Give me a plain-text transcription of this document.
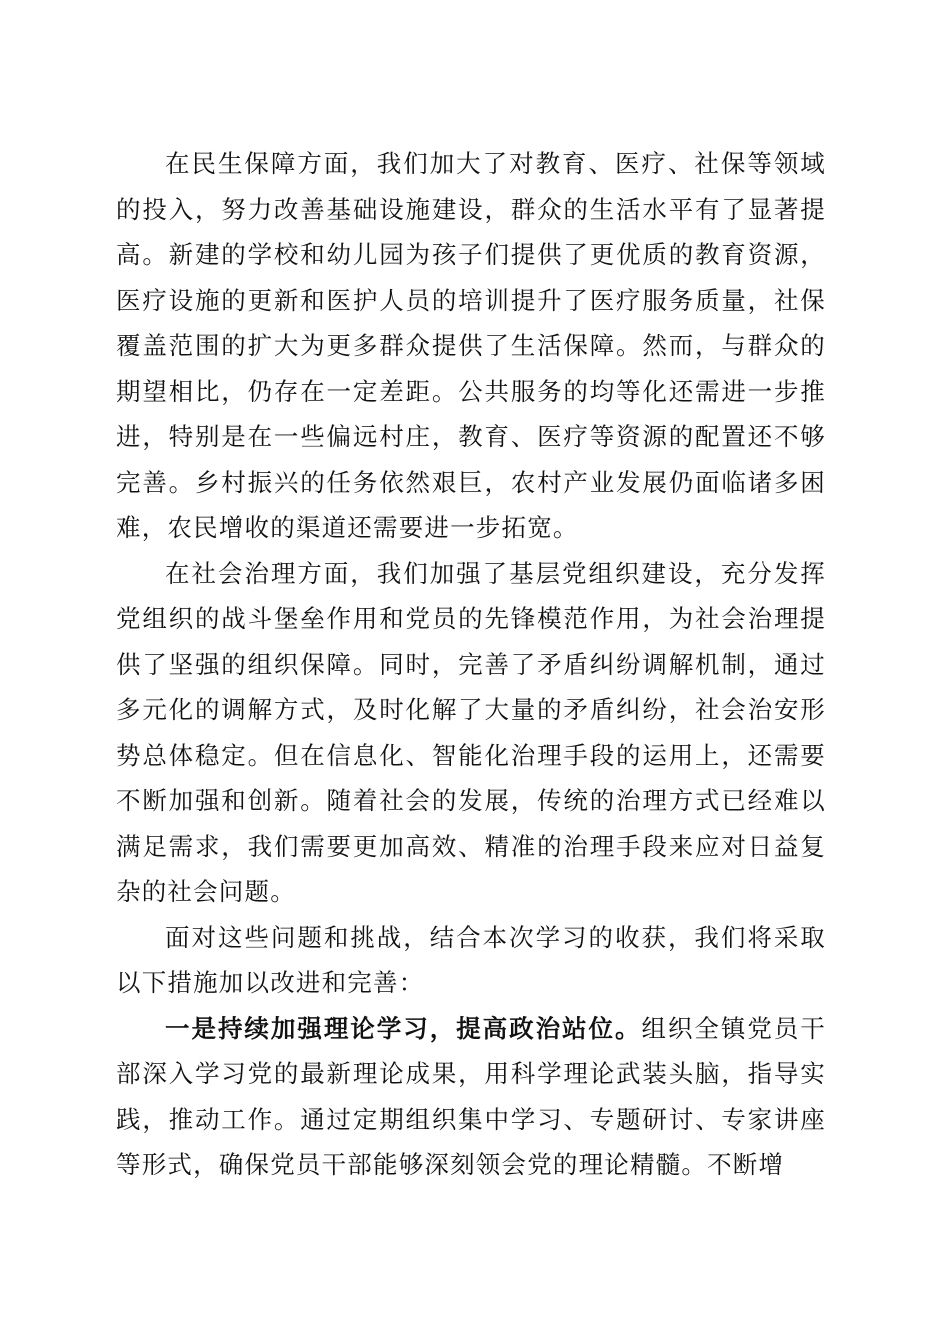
在民生保障方面，我们加大了对教育、医疗、社保等领域的投入，努力改善基础设施建设，群众的生活水平有了显著提高。新建的学校和幼儿园为孩子们提供了更优质的教育资源，医疗设施的更新和医护人员的培训提升了医疗服务质量，社保覆盖范围的扩大为更多群众提供了生活保障。然而，与群众的期望相比，仍存在一定差距。公共服务的均等化还需进一步推进，特别是在一些偏远村庄，教育、医疗等资源的配置还不够完善。乡村振兴的任务依然艰巨，农村产业发展仍面临诸多困难，农民增收的渠道还需要进一步拓宽。

在社会治理方面，我们加强了基层党组织建设，充分发挥党组织的战斗堡垒作用和党员的先锋模范作用，为社会治理提供了坚强的组织保障。同时，完善了矛盾纠纷调解机制，通过多元化的调解方式，及时化解了大量的矛盾纠纷，社会治安形势总体稳定。但在信息化、智能化治理手段的运用上，还需要不断加强和创新。随着社会的发展，传统的治理方式已经难以满足需求，我们需要更加高效、精准的治理手段来应对日益复杂的社会问题。

面对这些问题和挑战，结合本次学习的收获，我们将采取以下措施加以改进和完善：

一是持续加强理论学习，提高政治站位。组织全镇党员干部深入学习党的最新理论成果，用科学理论武装头脑，指导实践，推动工作。通过定期组织集中学习、专题研讨、专家讲座等形式，确保党员干部能够深刻领会党的理论精髓。不断增
